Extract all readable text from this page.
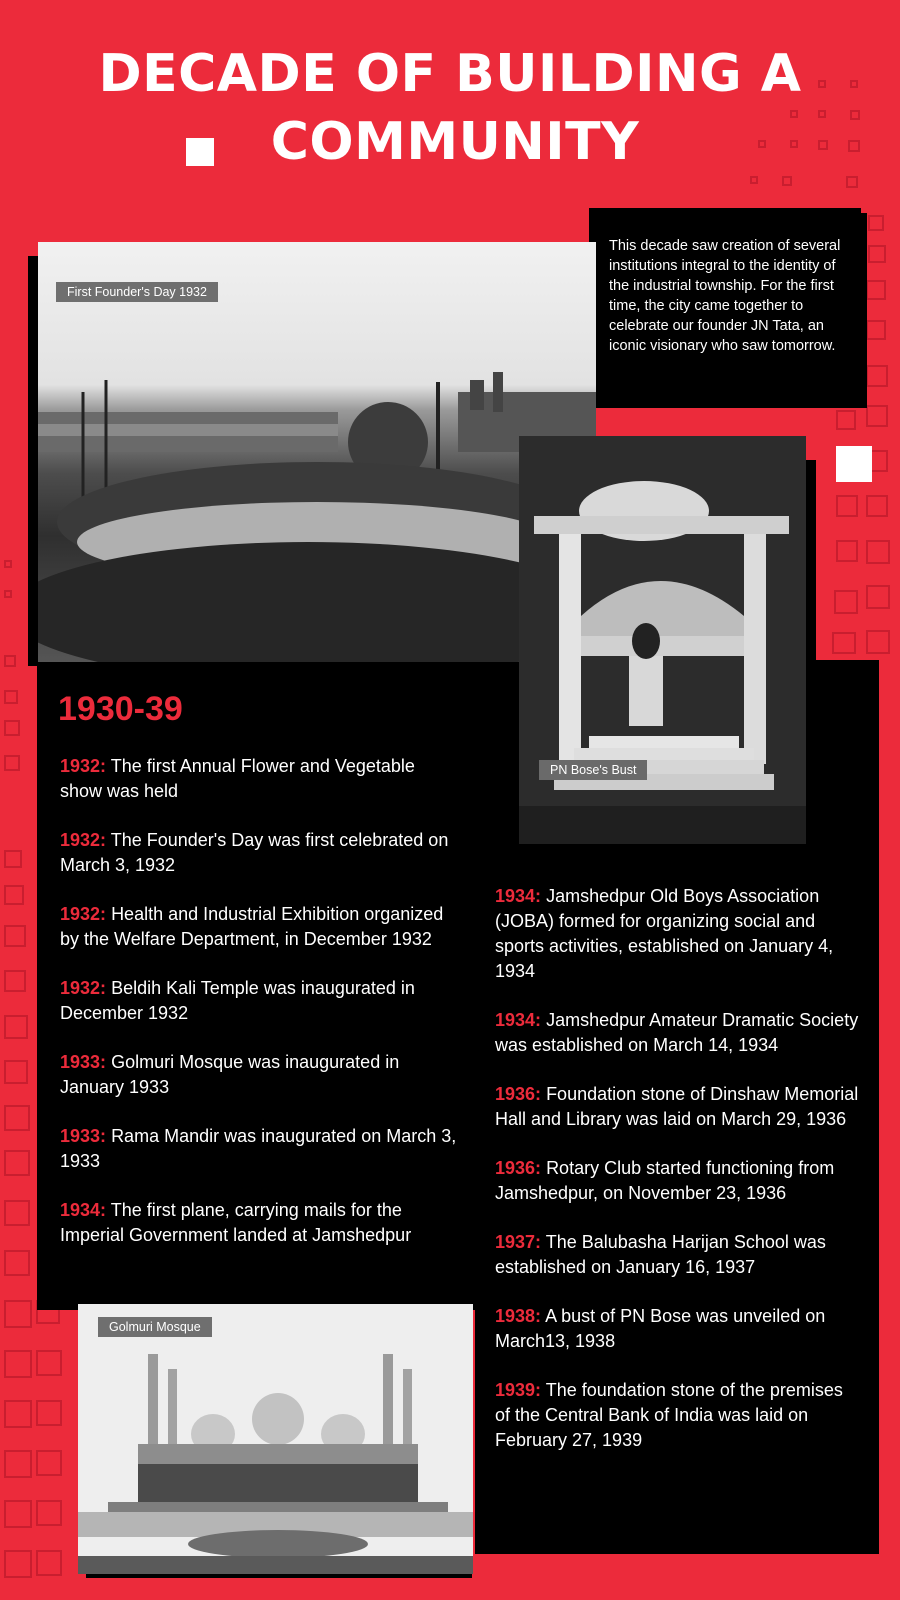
DECADE OF BUILDING A
COMMUNITY
This decade saw creation of several institutions integral to the identity of the industrial township. For the first time, the city came together to celebrate our founder JN Tata, an iconic visionary who saw tomorrow.
First Founder's Day 1932
PN Bose's Bust
1930-39
1932: The first Annual Flower and Vegetable show was held
1932: The Founder's Day was first celebrated on March 3, 1932
1932: Health and Industrial Exhibition organized by the Welfare Department, in December 1932
1932: Beldih Kali Temple was inaugurated in December 1932
1933: Golmuri Mosque was inaugurated in January 1933
1933: Rama Mandir was inaugurated on March 3, 1933
1934: The first plane, carrying mails for the Imperial Government landed at Jamshedpur
1934: Jamshedpur Old Boys Association (JOBA) formed for organizing social and sports activities, established on January 4, 1934
1934: Jamshedpur Amateur Dramatic Society was established on March 14, 1934
1936: Foundation stone of Dinshaw Memorial Hall and Library was laid on March 29, 1936
1936: Rotary Club started functioning from Jamshedpur, on November 23, 1936
1937: The Balubasha Harijan School was established on January 16, 1937
1938: A bust of PN Bose was unveiled on March13, 1938
1939: The foundation stone of the premises of the Central Bank of India was laid on February 27, 1939
Golmuri Mosque
